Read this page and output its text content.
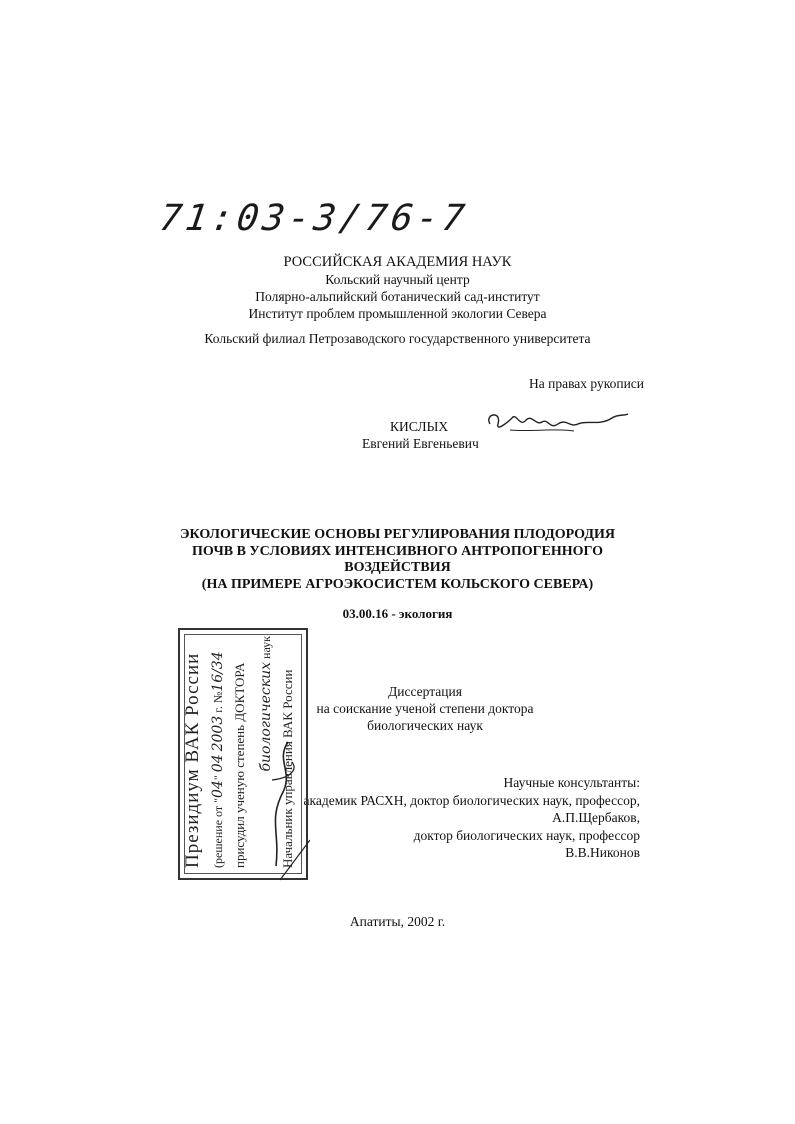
71:03-3/76-7
РОССИЙСКАЯ АКАДЕМИЯ НАУК
Кольский научный центр
Полярно-альпийский ботанический сад-институт
Институт проблем промышленной экологии Севера
Кольский филиал Петрозаводского государственного университета
На правах рукописи
КИСЛЫХ
Евгений Евгеньевич
ЭКОЛОГИЧЕСКИЕ ОСНОВЫ РЕГУЛИРОВАНИЯ ПЛОДОРОДИЯ
ПОЧВ В УСЛОВИЯХ ИНТЕНСИВНОГО АНТРОПОГЕННОГО
ВОЗДЕЙСТВИЯ
(НА ПРИМЕРЕ АГРОЭКОСИСТЕМ КОЛЬСКОГО СЕВЕРА)
03.00.16 - экология
Диссертация
на соискание ученой степени доктора
биологических наук
Научные консультанты:
академик РАСХН, доктор биологических наук, профессор,
А.П.Щербаков,
доктор биологических наук, профессор
В.В.Никонов
Апатиты, 2002 г.
Президиум ВАК России (решение от "04" 04 2003 г. №16/34 присудил ученую степень ДОКТОРА биологических наук
Начальник управления ВАК России
